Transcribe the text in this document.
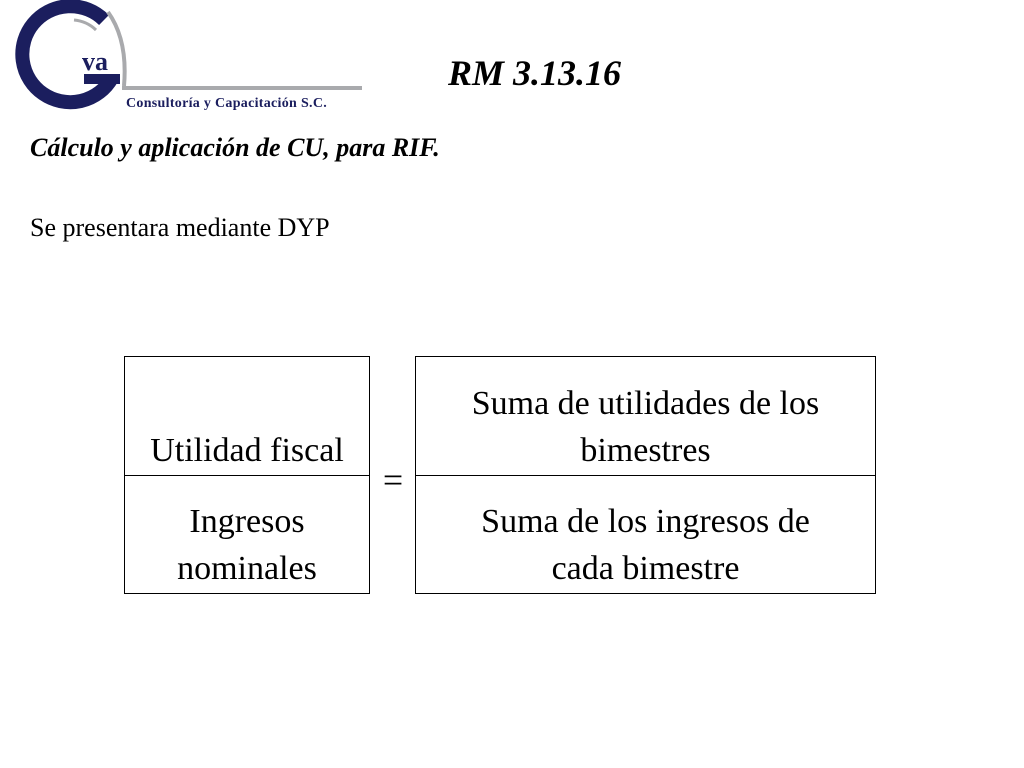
va
Consultoría y Capacitación S.C.
RM 3.13.16
Cálculo y aplicación de CU, para RIF.
Se presentara mediante DYP
Utilidad fiscal
Ingresos
nominales
=
Suma de utilidades de los
bimestres
Suma de los ingresos de
cada bimestre
